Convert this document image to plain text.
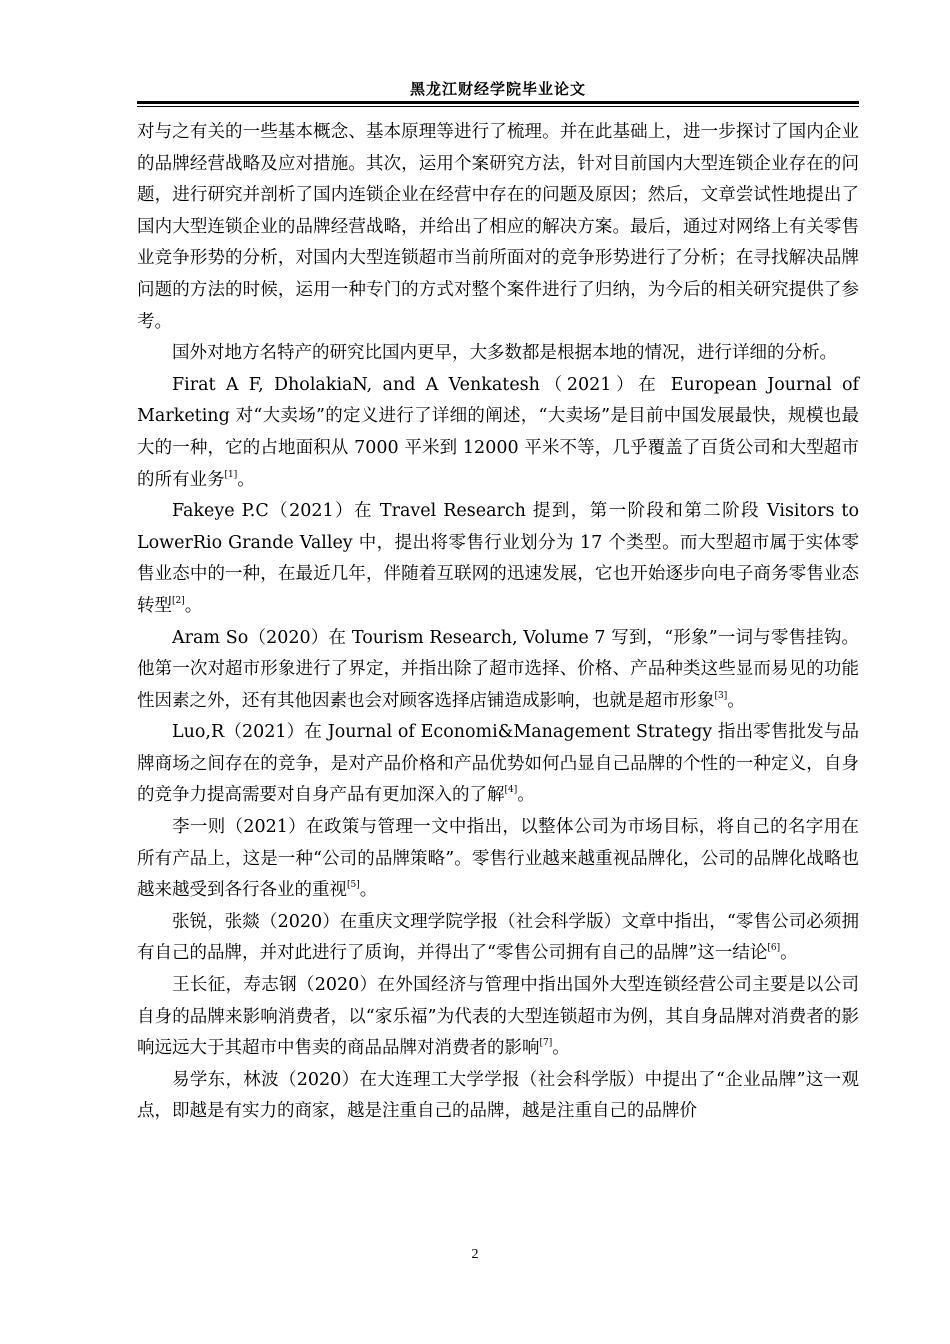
黑龙江财经学院毕业论文

对与之有关的一些基本概念、基本原理等进行了梳理。并在此基础上，进一步探讨了国内企业的品牌经营战略及应对措施。其次，运用个案研究方法，针对目前国内大型连锁企业存在的问题，进行研究并剖析了国内连锁企业在经营中存在的问题及原因；然后，文章尝试性地提出了国内大型连锁企业的品牌经营战略，并给出了相应的解决方案。最后，通过对网络上有关零售业竞争形势的分析，对国内大型连锁超市当前所面对的竞争形势进行了分析；在寻找解决品牌问题的方法的时候，运用一种专门的方式对整个案件进行了归纳，为今后的相关研究提供了参考。

国外对地方名特产的研究比国内更早，大多数都是根据本地的情况，进行详细的分析。

Firat A F, DholakiaN, and A Venkatesh（2021）在 European Journal of Marketing 对“大卖场”的定义进行了详细的阐述，“大卖场”是目前中国发展最快，规模也最大的一种，它的占地面积从 7000 平米到 12000 平米不等，几乎覆盖了百货公司和大型超市的所有业务[1]。

Fakeye P.C（2021）在 Travel Research 提到，第一阶段和第二阶段 Visitors to LowerRio Grande Valley 中，提出将零售行业划分为 17 个类型。而大型超市属于实体零售业态中的一种，在最近几年，伴随着互联网的迅速发展，它也开始逐步向电子商务零售业态转型[2]。

Aram So（2020）在 Tourism Research, Volume 7 写到，“形象”一词与零售挂钩。他第一次对超市形象进行了界定，并指出除了超市选择、价格、产品种类这些显而易见的功能性因素之外，还有其他因素也会对顾客选择店铺造成影响，也就是超市形象[3]。

Luo,R（2021）在 Journal of Economi&Management Strategy 指出零售批发与品牌商场之间存在的竞争，是对产品价格和产品优势如何凸显自己品牌的个性的一种定义，自身的竞争力提高需要对自身产品有更加深入的了解[4]。

李一则（2021）在政策与管理一文中指出，以整体公司为市场目标，将自己的名字用在所有产品上，这是一种“公司的品牌策略”。零售行业越来越重视品牌化，公司的品牌化战略也越来越受到各行各业的重视[5]。

张锐，张燚（2020）在重庆文理学院学报（社会科学版）文章中指出，“零售公司必须拥有自己的品牌，并对此进行了质询，并得出了“零售公司拥有自己的品牌”这一结论[6]。

王长征，寿志钢（2020）在外国经济与管理中指出国外大型连锁经营公司主要是以公司自身的品牌来影响消费者，以“家乐福”为代表的大型连锁超市为例，其自身品牌对消费者的影响远远大于其超市中售卖的商品品牌对消费者的影响[7]。

易学东，林波（2020）在大连理工大学学报（社会科学版）中提出了“企业品牌”这一观点，即越是有实力的商家，越是注重自己的品牌，越是注重自己的品牌价

2
